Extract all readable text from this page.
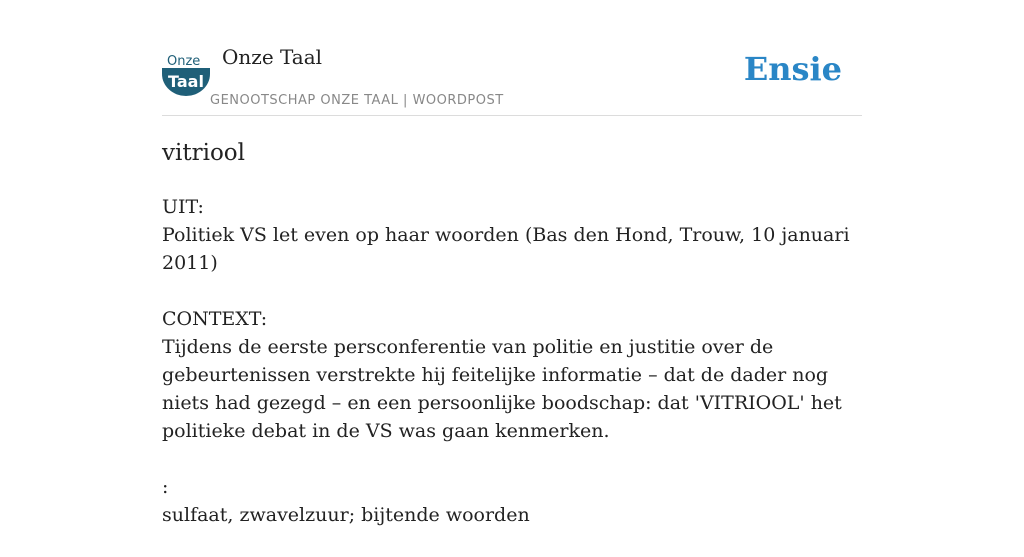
Onze
Taal
Onze Taal
GENOOTSCHAP ONZE TAAL | WOORDPOST
Ensie
vitriool
UIT:
Politiek VS let even op haar woorden (Bas den Hond, Trouw, 10 januari 2011)
CONTEXT:
Tijdens de eerste persconferentie van politie en justitie over de gebeurtenissen verstrekte hij feitelijke informatie – dat de dader nog niets had gezegd – en een persoonlijke boodschap: dat 'VITRIOOL' het politieke debat in de VS was gaan kenmerken.
:
sulfaat, zwavelzuur; bijtende woorden
